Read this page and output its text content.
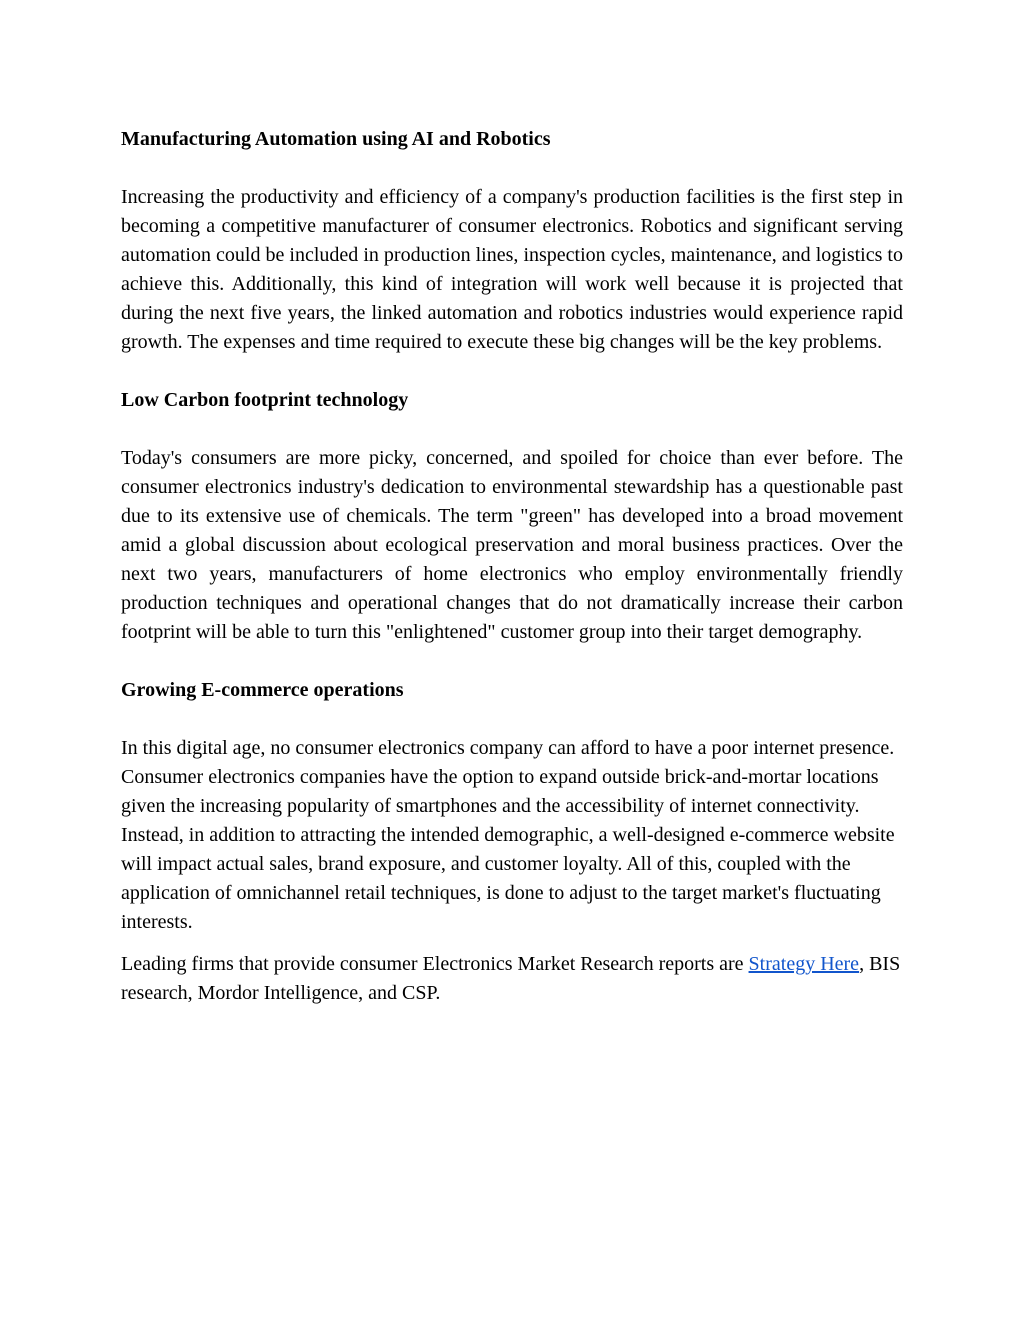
Manufacturing Automation using AI and Robotics
Increasing the productivity and efficiency of a company's production facilities is the first step in becoming a competitive manufacturer of consumer electronics. Robotics and significant serving automation could be included in production lines, inspection cycles, maintenance, and logistics to achieve this. Additionally, this kind of integration will work well because it is projected that during the next five years, the linked automation and robotics industries would experience rapid growth. The expenses and time required to execute these big changes will be the key problems.
Low Carbon footprint technology
Today's consumers are more picky, concerned, and spoiled for choice than ever before. The consumer electronics industry's dedication to environmental stewardship has a questionable past due to its extensive use of chemicals. The term "green" has developed into a broad movement amid a global discussion about ecological preservation and moral business practices. Over the next two years, manufacturers of home electronics who employ environmentally friendly production techniques and operational changes that do not dramatically increase their carbon footprint will be able to turn this "enlightened" customer group into their target demography.
Growing E-commerce operations
In this digital age, no consumer electronics company can afford to have a poor internet presence. Consumer electronics companies have the option to expand outside brick-and-mortar locations given the increasing popularity of smartphones and the accessibility of internet connectivity. Instead, in addition to attracting the intended demographic, a well-designed e-commerce website will impact actual sales, brand exposure, and customer loyalty. All of this, coupled with the application of omnichannel retail techniques, is done to adjust to the target market's fluctuating interests.
Leading firms that provide consumer Electronics Market Research reports are Strategy Here, BIS research, Mordor Intelligence, and CSP.
